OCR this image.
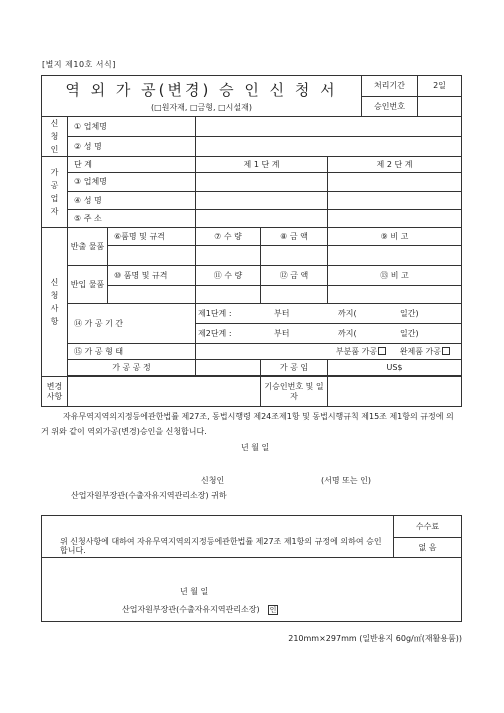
[별지 제10호 서식]
역 외 가 공(변경) 승 인 신 청 서
(□원자재, □금형, □시설재)	처리기간	2일
	승인번호	
신
청
인	① 업체명				
	② 성 명				
가
공
업
자	단 계		제 1 단 계		제 2 단 계
	③ 업체명				
	④ 성 명				
	⑤ 주 소				
신
청
사
항	반출 물품	⑥품명 및 규격	⑦ 수 량	⑧ 금 액	⑨ 비 고

	반입 물품	⑩ 품명 및 규격	⑪ 수 량	⑫ 금 액	⑬ 비 고

	⑭ 가 공 기 간		제1단계 : 부터 까지( 일간)		
			제2단계 : 부터 까지( 일간)		
	⑮ 가 공 형 태		부분품 가공 완제품 가공		
	가 공 공 정			가 공 임	US$

변경 사항				기승인번호 및 일자	

자유무역지역의지정등에관한법률 제27조, 동법시행령 제24조제1항 및 동법시행규칙 제15조 제1항의 규정에 의거 위와 같이 역외가공(변경)승인을 신청합니다.

년 월 일

신청인	(서명 또는 인)

산업자원부장관(수출자유지역관리소장) 귀하

위 신청사항에 대하여 자유무역지역의지정등에관한법률 제27조 제1항의 규정에 의하여 승인합니다.	수수료
없 음

년 월 일
산업자원부장관(수출자유지역관리소장) 인
210mm×297mm (일반용지 60g/㎡(재활용품))
